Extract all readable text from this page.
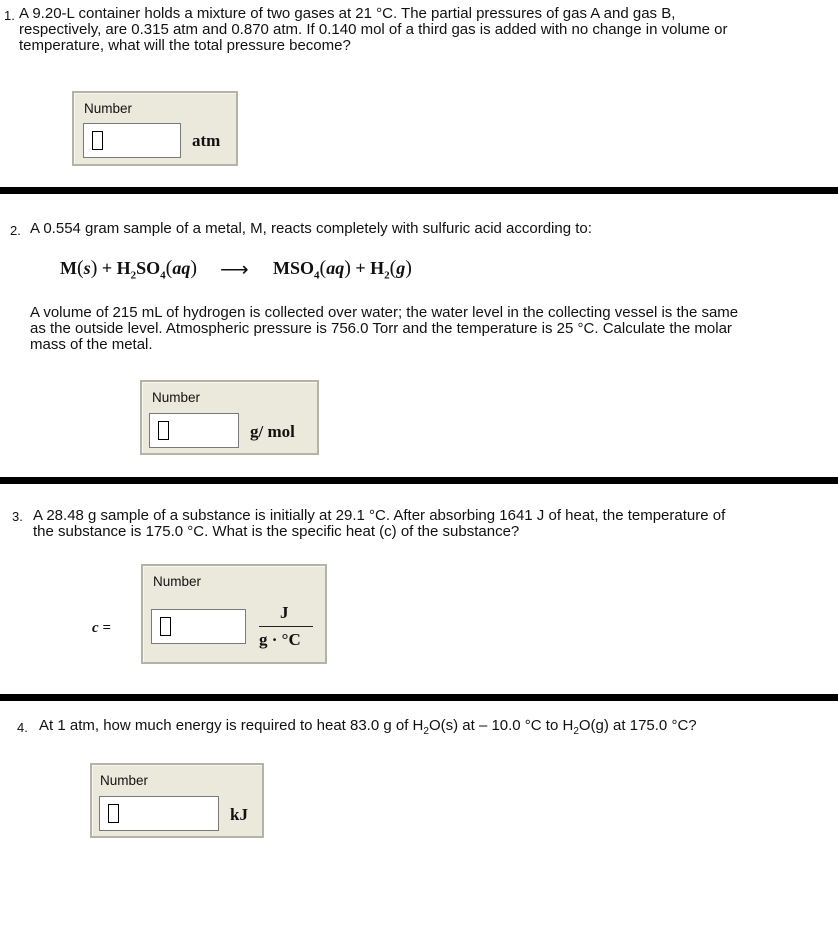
1. A 9.20-L container holds a mixture of two gases at 21 °C. The partial pressures of gas A and gas B,
respectively, are 0.315 atm and 0.870 atm. If 0.140 mol of a third gas is added with no change in volume or
temperature, what will the total pressure become?
Number
atm
2. A 0.554 gram sample of a metal, M, reacts completely with sulfuric acid according to:
$M(s) + H_2SO_4(aq)$ ⟶ $MSO_4(aq) + H_2(g)$
A volume of 215 mL of hydrogen is collected over water; the water level in the collecting vessel is the same
as the outside level. Atmospheric pressure is 756.0 Torr and the temperature is 25 °C. Calculate the molar
mass of the metal.
Number
g/ mol
3. A 28.48 g sample of a substance is initially at 29.1 °C. After absorbing 1641 J of heat, the temperature of
the substance is 175.0 °C. What is the specific heat (c) of the substance?
c =
Number
J
g · °C
4. At 1 atm, how much energy is required to heat 83.0 g of $H_2O(s)$ at – 10.0 °C to $H_2O(g)$ at 175.0 °C?
Number
kJ
